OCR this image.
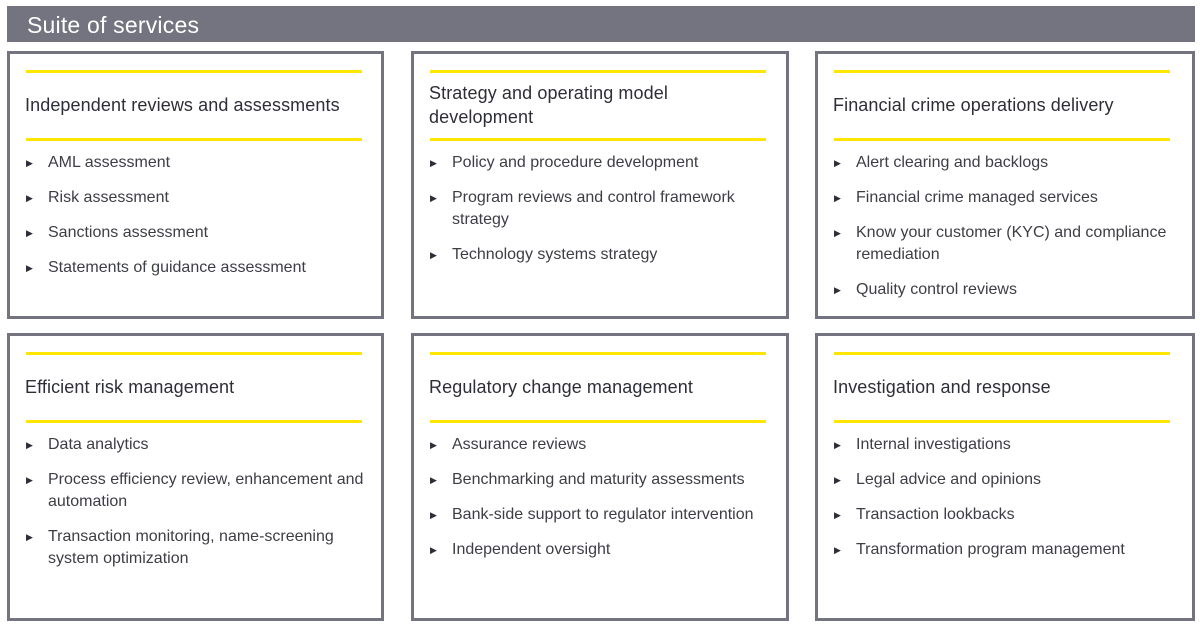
Suite of services
Independent reviews and assessments
▶ AML assessment
▶ Risk assessment
▶ Sanctions assessment
▶ Statements of guidance assessment
Strategy and operating model development
▶ Policy and procedure development
▶ Program reviews and control framework strategy
▶ Technology systems strategy
Financial crime operations delivery
▶ Alert clearing and backlogs
▶ Financial crime managed services
▶ Know your customer (KYC) and compliance remediation
▶ Quality control reviews
Efficient risk management
▶ Data analytics
▶ Process efficiency review, enhancement and automation
▶ Transaction monitoring, name-screening system optimization
Regulatory change management
▶ Assurance reviews
▶ Benchmarking and maturity assessments
▶ Bank-side support to regulator intervention
▶ Independent oversight
Investigation and response
▶ Internal investigations
▶ Legal advice and opinions
▶ Transaction lookbacks
▶ Transformation program management
